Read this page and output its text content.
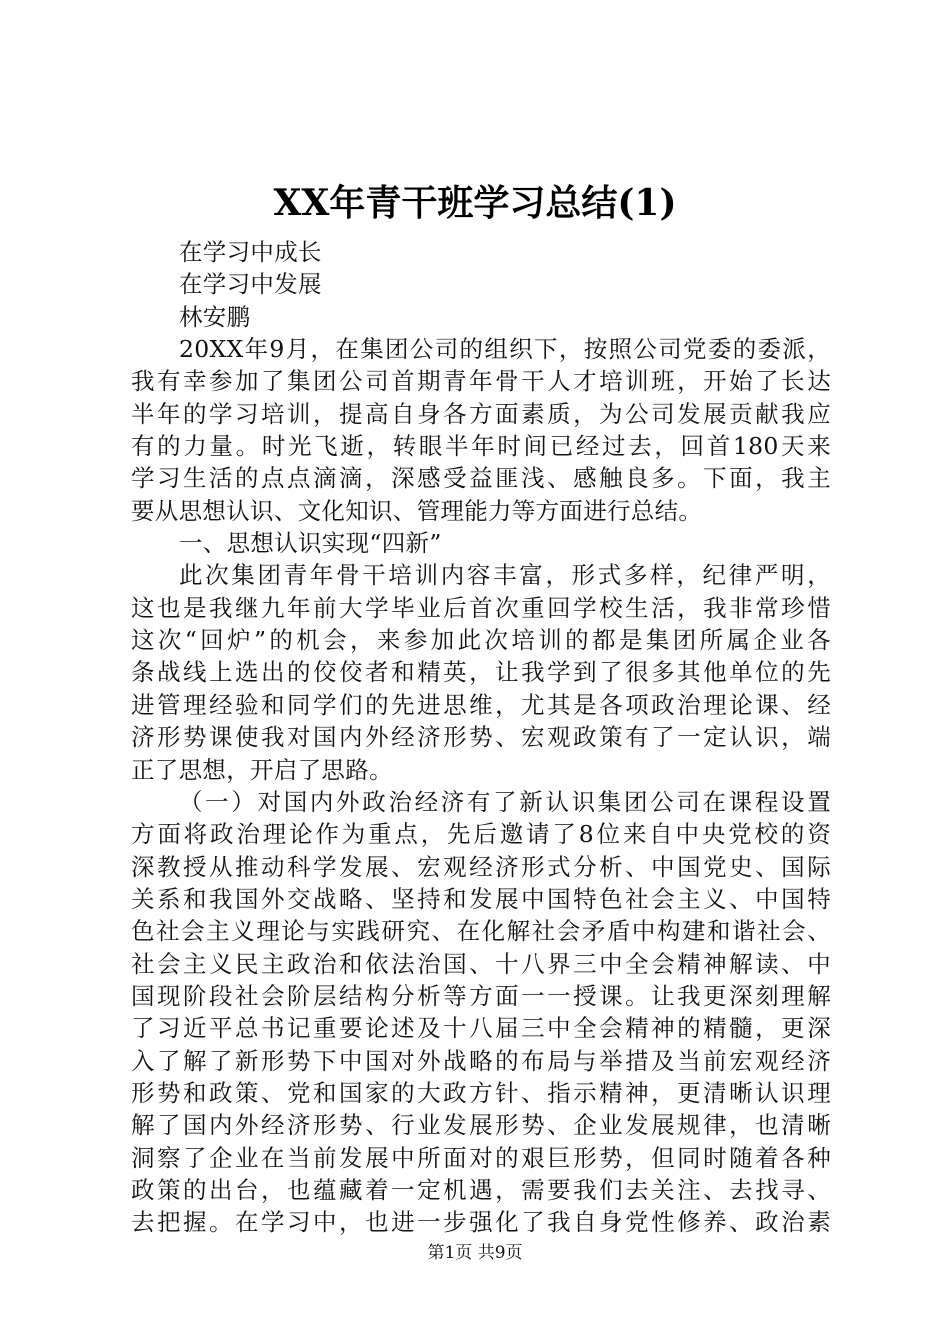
XX年青干班学习总结(1)
在学习中成长
在学习中发展
林安鹏
20XX年9月，在集团公司的组织下，按照公司党委的委派，
我有幸参加了集团公司首期青年骨干人才培训班，开始了长达
半年的学习培训，提高自身各方面素质，为公司发展贡献我应
有的力量。时光飞逝，转眼半年时间已经过去，回首180天来
学习生活的点点滴滴，深感受益匪浅、感触良多。下面，我主
要从思想认识、文化知识、管理能力等方面进行总结。
一、思想认识实现“四新”
此次集团青年骨干培训内容丰富，形式多样，纪律严明，
这也是我继九年前大学毕业后首次重回学校生活，我非常珍惜
这次“回炉”的机会，来参加此次培训的都是集团所属企业各
条战线上选出的佼佼者和精英，让我学到了很多其他单位的先
进管理经验和同学们的先进思维，尤其是各项政治理论课、经
济形势课使我对国内外经济形势、宏观政策有了一定认识，端
正了思想，开启了思路。
（一）对国内外政治经济有了新认识集团公司在课程设置
方面将政治理论作为重点，先后邀请了8位来自中央党校的资
深教授从推动科学发展、宏观经济形式分析、中国党史、国际
关系和我国外交战略、坚持和发展中国特色社会主义、中国特
色社会主义理论与实践研究、在化解社会矛盾中构建和谐社会、
社会主义民主政治和依法治国、十八界三中全会精神解读、中
国现阶段社会阶层结构分析等方面一一授课。让我更深刻理解
了习近平总书记重要论述及十八届三中全会精神的精髓，更深
入了解了新形势下中国对外战略的布局与举措及当前宏观经济
形势和政策、党和国家的大政方针、指示精神，更清晰认识理
解了国内外经济形势、行业发展形势、企业发展规律，也清晰
洞察了企业在当前发展中所面对的艰巨形势，但同时随着各种
政策的出台，也蕴藏着一定机遇，需要我们去关注、去找寻、
去把握。在学习中，也进一步强化了我自身党性修养、政治素
第1页 共9页
